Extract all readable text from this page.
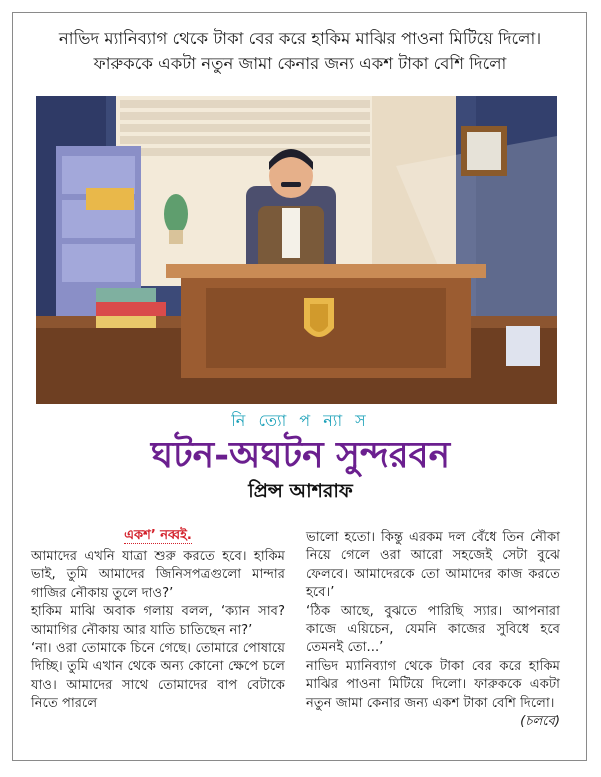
নাভিদ ম্যানিব্যাগ থেকে টাকা বের করে হাকিম মাঝির পাওনা মিটিয়ে দিলো।
ফারুককে একটা নতুন জামা কেনার জন্য একশ টাকা বেশি দিলো
নি ত্যো প ন্যা স
ঘটন-অঘটন সুন্দরবন
প্রিন্স আশরাফ

একশ’ নব্বই.

আমাদের এখনি যাত্রা শুরু করতে হবে। হাকিম ভাই, তুমি আমাদের জিনিসপত্রগুলো মান্দার গাজির নৌকায় তুলে দাও?’

হাকিম মাঝি অবাক গলায় বলল, ‘ক্যান সাব? আমাগির নৌকায় আর যাতি চাতিছেন না?’

‘না। ওরা তোমাকে চিনে গেছে। তোমারে পোষায়ে দিচ্ছি। তুমি এখান থেকে অন্য কোনো ক্ষেপে চলে যাও। আমাদের সাথে তোমাদের বাপ বেটাকে নিতে পারলে

ভালো হতো। কিন্তু এরকম দল বেঁধে তিন নৌকা নিয়ে গেলে ওরা আরো সহজেই সেটা বুঝে ফেলবে। আমাদেরকে তো আমাদের কাজ করতে হবে।’

‘ঠিক আছে, বুঝতে পারিছি স্যার। আপনারা কাজে এয়িচেন, যেমনি কাজের সুবিধে হবে তেমনই তো...’

নাভিদ ম্যানিব্যাগ থেকে টাকা বের করে হাকিম মাঝির পাওনা মিটিয়ে দিলো। ফারুককে একটা নতুন জামা কেনার জন্য একশ টাকা বেশি দিলো।
(চলবে)
